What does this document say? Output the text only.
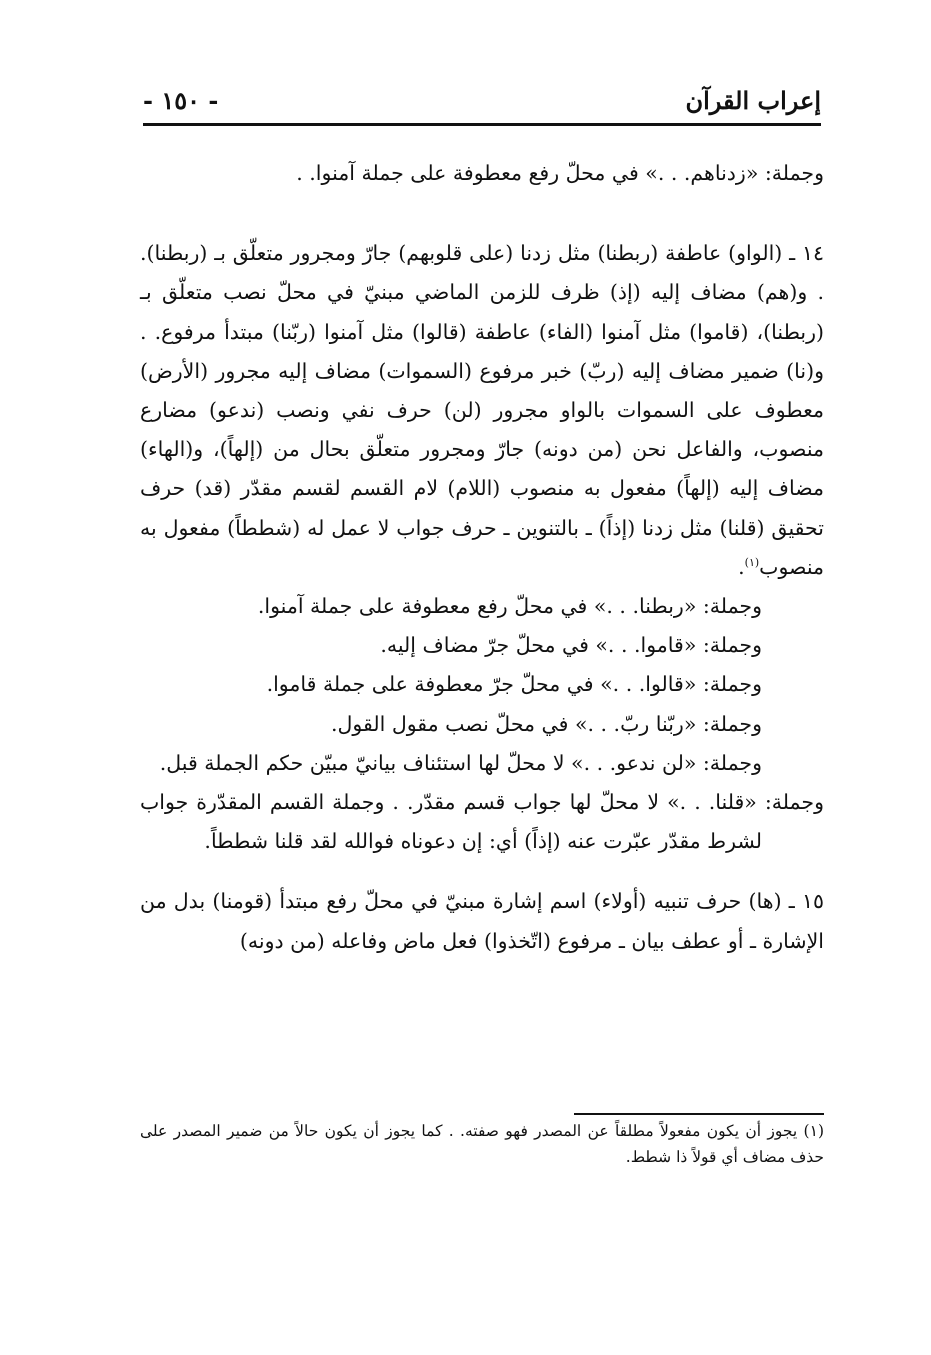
إعراب القرآن
- ١٥٠ -

وجملة: «زدناهم. . .» في محلّ رفع معطوفة على جملة آمنوا. .

١٤ ـ (الواو) عاطفة (ربطنا) مثل زدنا (على قلوبهم) جارّ ومجرور متعلّق بـ (ربطنا). . و(هم) مضاف إليه (إذ) ظرف للزمن الماضي مبنيّ في محلّ نصب متعلّق بـ (ربطنا)، (قاموا) مثل آمنوا (الفاء) عاطفة (قالوا) مثل آمنوا (ربّنا) مبتدأ مرفوع. . و(نا) ضمير مضاف إليه (ربّ) خبر مرفوع (السموات) مضاف إليه مجرور (الأرض) معطوف على السموات بالواو مجرور (لن) حرف نفي ونصب (ندعو) مضارع منصوب، والفاعل نحن (من دونه) جارّ ومجرور متعلّق بحال من (إلهاً)، و(الهاء) مضاف إليه (إلهاً) مفعول به منصوب (اللام) لام القسم لقسم مقدّر (قد) حرف تحقيق (قلنا) مثل زدنا (إذاً) ـ بالتنوين ـ حرف جواب لا عمل له (شططاً) مفعول به منصوب$^{(١)}$.

وجملة: «ربطنا. . .» في محلّ رفع معطوفة على جملة آمنوا.

وجملة: «قاموا. . .» في محلّ جرّ مضاف إليه.

وجملة: «قالوا. . .» في محلّ جرّ معطوفة على جملة قاموا.

وجملة: «ربّنا ربّ. . .» في محلّ نصب مقول القول.

وجملة: «لن ندعو. . .» لا محلّ لها استئناف بيانيّ مبيّن حكم الجملة قبل.

وجملة: «قلنا. . .» لا محلّ لها جواب قسم مقدّر. . وجملة القسم المقدّرة جواب لشرط مقدّر عبّرت عنه (إذاً) أي: إن دعوناه فوالله لقد قلنا شططاً.

١٥ ـ (ها) حرف تنبيه (أولاء) اسم إشارة مبنيّ في محلّ رفع مبتدأ (قومنا) بدل من الإشارة ـ أو عطف بيان ـ مرفوع (اتّخذوا) فعل ماض وفاعله (من دونه)

(١) يجوز أن يكون مفعولاً مطلقاً عن المصدر فهو صفته. . كما يجوز أن يكون حالاً من ضمير المصدر على حذف مضاف أي قولاً ذا شطط.
